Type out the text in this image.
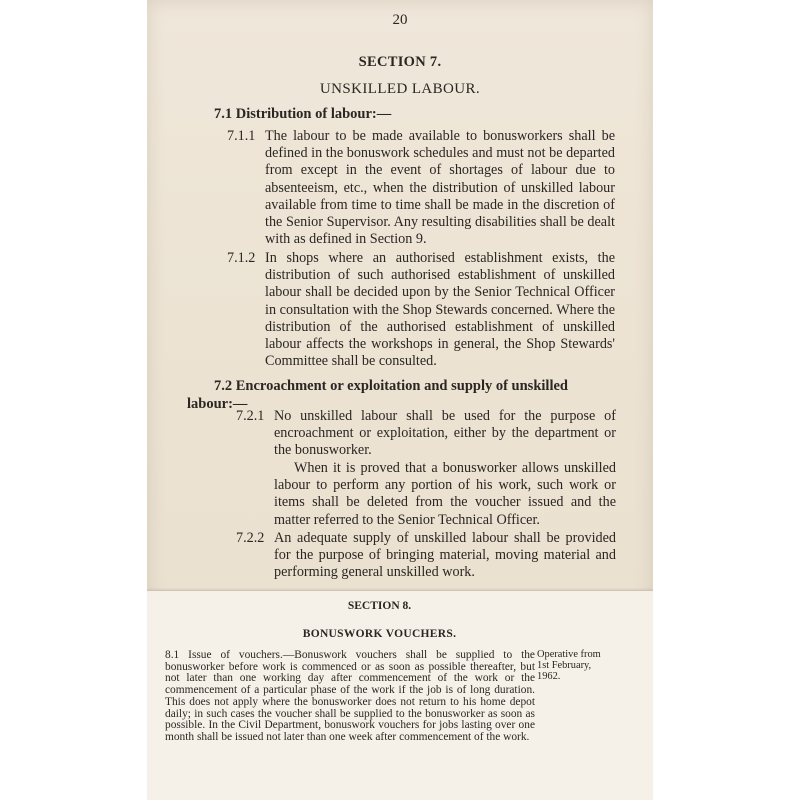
20
SECTION 7.
UNSKILLED LABOUR.
7.1 Distribution of labour:—
7.1.1 The labour to be made available to bonusworkers shall be defined in the bonuswork schedules and must not be departed from except in the event of shortages of labour due to absenteeism, etc., when the distribution of unskilled labour available from time to time shall be made in the discretion of the Senior Supervisor. Any resulting disabilities shall be dealt with as defined in Section 9.
7.1.2 In shops where an authorised establishment exists, the distribution of such authorised establishment of unskilled labour shall be decided upon by the Senior Technical Officer in consultation with the Shop Stewards concerned. Where the distribution of the authorised establishment of unskilled labour affects the workshops in general, the Shop Stewards' Committee shall be consulted.
7.2 Encroachment or exploitation and supply of unskilled labour:—
7.2.1 No unskilled labour shall be used for the purpose of encroachment or exploitation, either by the department or the bonusworker.
When it is proved that a bonusworker allows unskilled labour to perform any portion of his work, such work or items shall be deleted from the voucher issued and the matter referred to the Senior Technical Officer.
7.2.2 An adequate supply of unskilled labour shall be provided for the purpose of bringing material, moving material and performing general unskilled work.
SECTION 8.
BONUSWORK VOUCHERS.
8.1 Issue of vouchers.—Bonuswork vouchers shall be supplied to the bonusworker before work is commenced or as soon as possible thereafter, but not later than one working day after commencement of the work or the commencement of a particular phase of the work if the job is of long duration. This does not apply where the bonusworker does not return to his home depot daily; in such cases the voucher shall be supplied to the bonusworker as soon as possible. In the Civil Department, bonuswork vouchers for jobs lasting over one month shall be issued not later than one week after commencement of the work.
Operative from 1st February, 1962.
